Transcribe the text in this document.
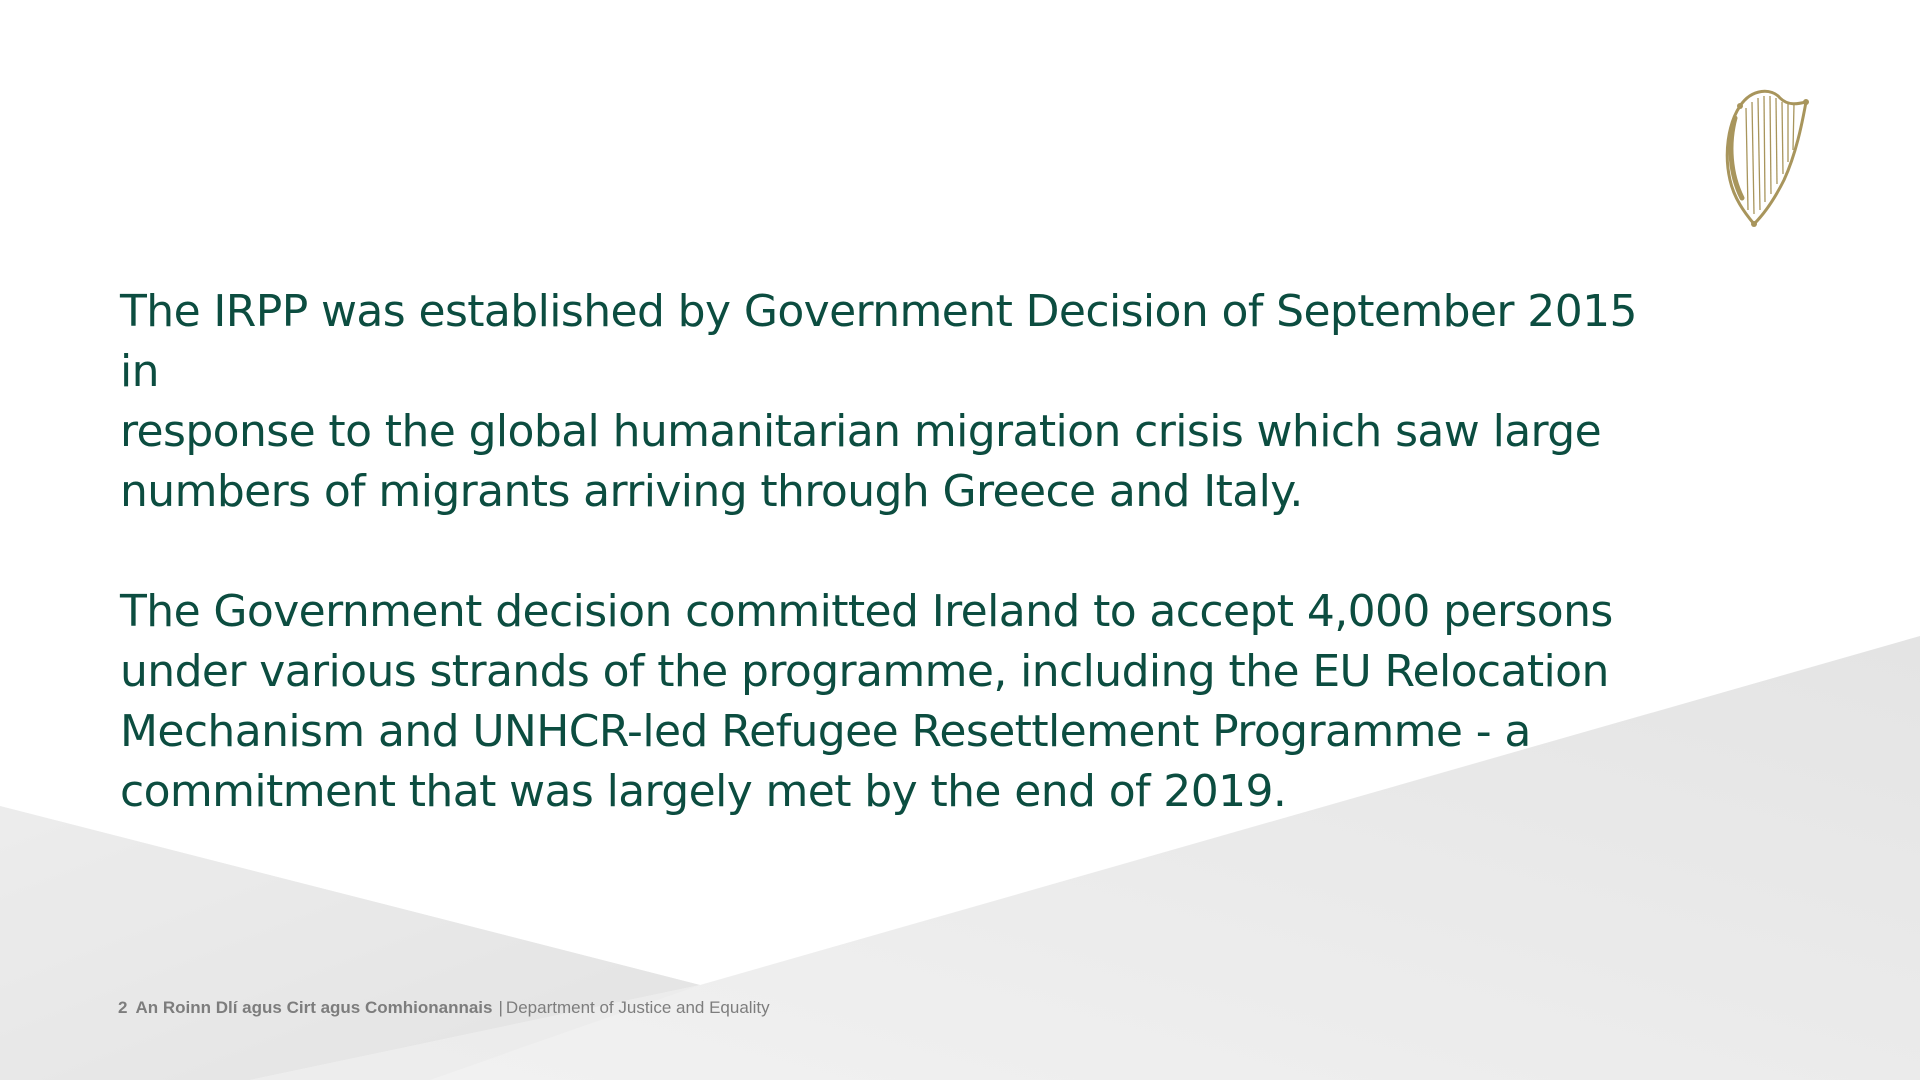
The IRPP was established by Government Decision of September 2015 in
response to the global humanitarian migration crisis which saw large
numbers of migrants arriving through Greece and Italy.

The Government decision committed Ireland to accept 4,000 persons
under various strands of the programme, including the EU Relocation
Mechanism and UNHCR-led Refugee Resettlement Programme - a
commitment that was largely met by the end of 2019.

2 An Roinn Dlí agus Cirt agus Comhionannais | Department of Justice and Equality
